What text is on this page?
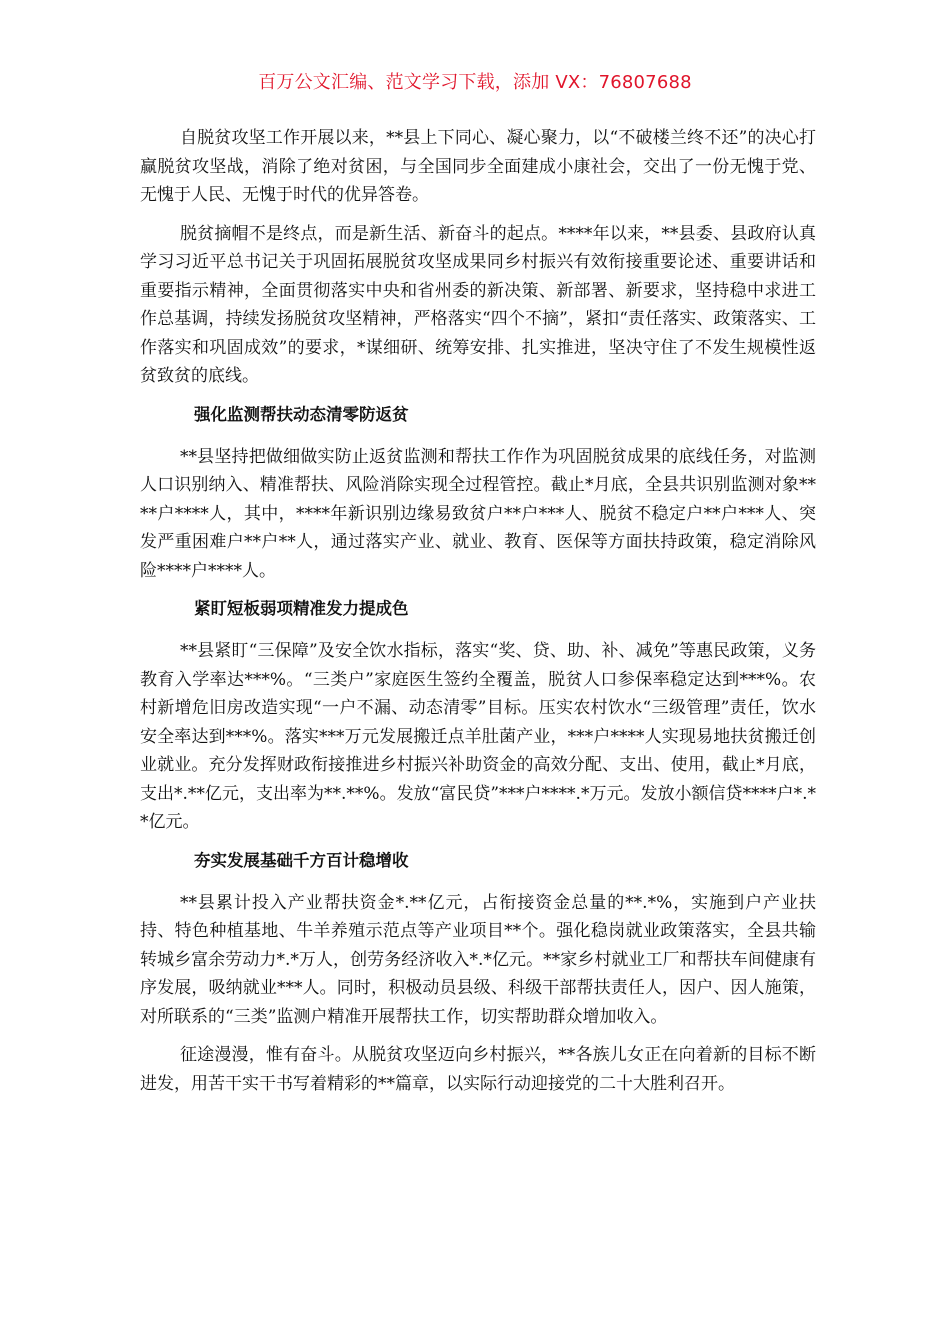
百万公文汇编、范文学习下载，添加 VX：76807688

自脱贫攻坚工作开展以来，**县上下同心、凝心聚力，以“不破楼兰终不还”的决心打赢脱贫攻坚战，消除了绝对贫困，与全国同步全面建成小康社会，交出了一份无愧于党、无愧于人民、无愧于时代的优异答卷。

脱贫摘帽不是终点，而是新生活、新奋斗的起点。****年以来，**县委、县政府认真学习习近平总书记关于巩固拓展脱贫攻坚成果同乡村振兴有效衔接重要论述、重要讲话和重要指示精神，全面贯彻落实中央和省州委的新决策、新部署、新要求，坚持稳中求进工作总基调，持续发扬脱贫攻坚精神，严格落实“四个不摘”，紧扣“责任落实、政策落实、工作落实和巩固成效”的要求，*谋细研、统筹安排、扎实推进，坚决守住了不发生规模性返贫致贫的底线。

强化监测帮扶动态清零防返贫

**县坚持把做细做实防止返贫监测和帮扶工作作为巩固脱贫成果的底线任务，对监测人口识别纳入、精准帮扶、风险消除实现全过程管控。截止*月底，全县共识别监测对象****户****人，其中，****年新识别边缘易致贫户**户***人、脱贫不稳定户**户***人、突发严重困难户**户**人，通过落实产业、就业、教育、医保等方面扶持政策，稳定消除风险****户****人。

紧盯短板弱项精准发力提成色

**县紧盯“三保障”及安全饮水指标，落实“奖、贷、助、补、减免”等惠民政策，义务教育入学率达***%。“三类户”家庭医生签约全覆盖，脱贫人口参保率稳定达到***%。农村新增危旧房改造实现“一户不漏、动态清零”目标。压实农村饮水“三级管理”责任，饮水安全率达到***%。落实***万元发展搬迁点羊肚菌产业，***户****人实现易地扶贫搬迁创业就业。充分发挥财政衔接推进乡村振兴补助资金的高效分配、支出、使用，截止*月底，支出*.**亿元，支出率为**.**%。发放“富民贷”***户****.*万元。发放小额信贷****户*.**亿元。

夯实发展基础千方百计稳增收

**县累计投入产业帮扶资金*.**亿元，占衔接资金总量的**.*%，实施到户产业扶持、特色种植基地、牛羊养殖示范点等产业项目**个。强化稳岗就业政策落实，全县共输转城乡富余劳动力*.*万人，创劳务经济收入*.*亿元。**家乡村就业工厂和帮扶车间健康有序发展，吸纳就业***人。同时，积极动员县级、科级干部帮扶责任人，因户、因人施策，对所联系的“三类”监测户精准开展帮扶工作，切实帮助群众增加收入。

征途漫漫，惟有奋斗。从脱贫攻坚迈向乡村振兴，**各族儿女正在向着新的目标不断进发，用苦干实干书写着精彩的**篇章，以实际行动迎接党的二十大胜利召开。
